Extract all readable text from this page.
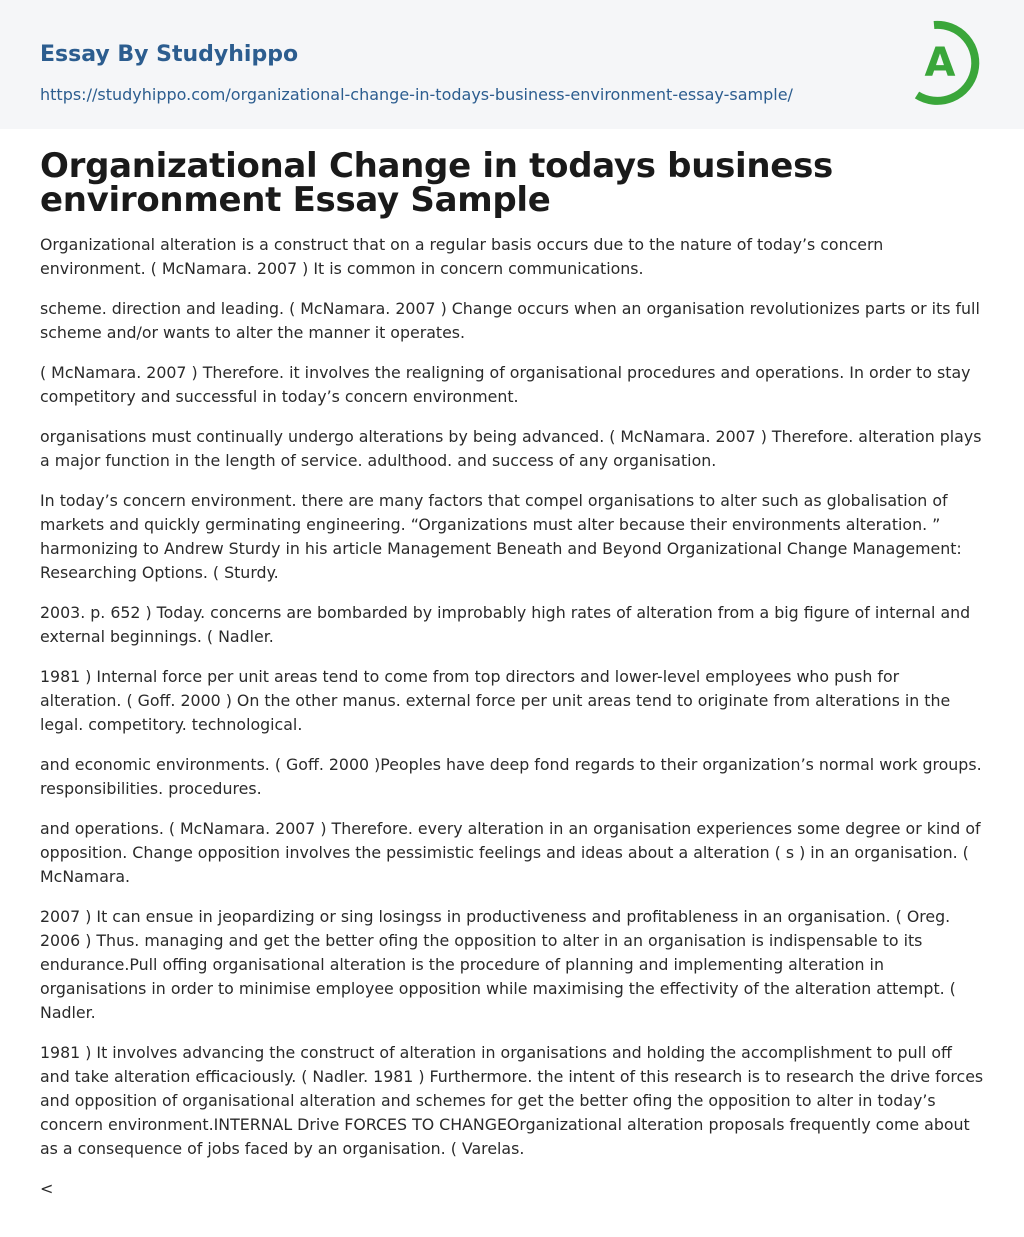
Essay By Studyhippo
https://studyhippo.com/organizational-change-in-todays-business-environment-essay-sample/
A
Organizational Change in todays business environment Essay Sample

Organizational alteration is a construct that on a regular basis occurs due to the nature of today’s concern environment. ( McNamara. 2007 ) It is common in concern communications.

scheme. direction and leading. ( McNamara. 2007 ) Change occurs when an organisation revolutionizes parts or its full scheme and/or wants to alter the manner it operates.

( McNamara. 2007 ) Therefore. it involves the realigning of organisational procedures and operations. In order to stay competitory and successful in today’s concern environment.

organisations must continually undergo alterations by being advanced. ( McNamara. 2007 ) Therefore. alteration plays a major function in the length of service. adulthood. and success of any organisation.

In today’s concern environment. there are many factors that compel organisations to alter such as globalisation of markets and quickly germinating engineering. “Organizations must alter because their environments alteration. ” harmonizing to Andrew Sturdy in his article Management Beneath and Beyond Organizational Change Management: Researching Options. ( Sturdy.

2003. p. 652 ) Today. concerns are bombarded by improbably high rates of alteration from a big figure of internal and external beginnings. ( Nadler.

1981 ) Internal force per unit areas tend to come from top directors and lower-level employees who push for alteration. ( Goff. 2000 ) On the other manus. external force per unit areas tend to originate from alterations in the legal. competitory. technological.

and economic environments. ( Goff. 2000 )Peoples have deep fond regards to their organization’s normal work groups. responsibilities. procedures.

and operations. ( McNamara. 2007 ) Therefore. every alteration in an organisation experiences some degree or kind of opposition. Change opposition involves the pessimistic feelings and ideas about a alteration ( s ) in an organisation. ( McNamara.

2007 ) It can ensue in jeopardizing or sing losingss in productiveness and profitableness in an organisation. ( Oreg. 2006 ) Thus. managing and get the better ofing the opposition to alter in an organisation is indispensable to its endurance.Pull offing organisational alteration is the procedure of planning and implementing alteration in organisations in order to minimise employee opposition while maximising the effectivity of the alteration attempt. ( Nadler.

1981 ) It involves advancing the construct of alteration in organisations and holding the accomplishment to pull off and take alteration efficaciously. ( Nadler. 1981 ) Furthermore. the intent of this research is to research the drive forces and opposition of organisational alteration and schemes for get the better ofing the opposition to alter in today’s concern environment.INTERNAL Drive FORCES TO CHANGEOrganizational alteration proposals frequently come about as a consequence of jobs faced by an organisation. ( Varelas.

<
